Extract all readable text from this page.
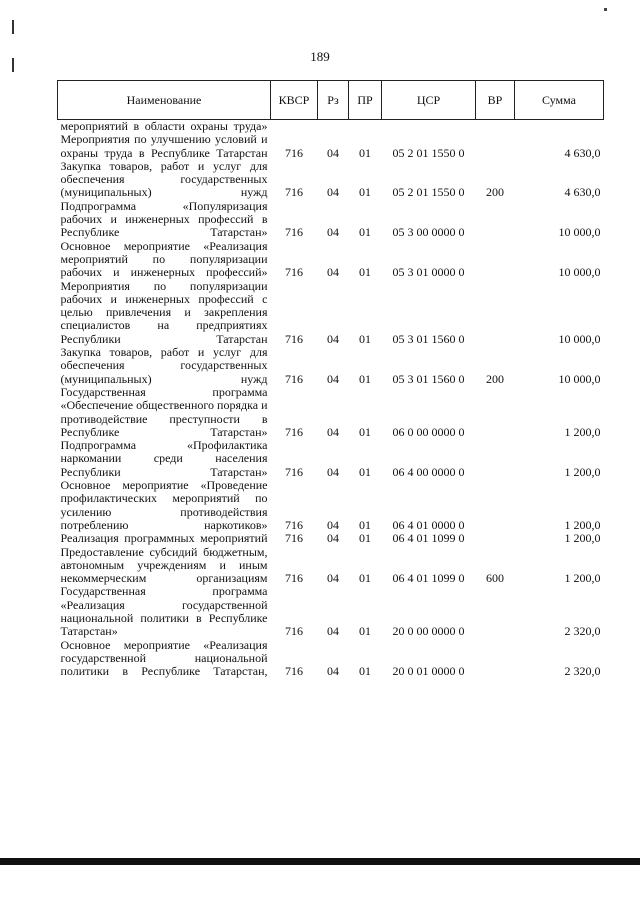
189
Наименование	КВСР	Рз	ПР	ЦСР	ВР	Сумма

мероприятий в области охраны труда»						

Мероприятия по улучшению условий и охраны труда в Республике Татарстан	716	04	01	05 2 01 1550 0		4 630,0

Закупка товаров, работ и услуг для обеспечения государственных (муниципальных) нужд	716	04	01	05 2 01 1550 0	200	4 630,0

Подпрограмма «Популяризация рабочих и инженерных профессий в Республике Татарстан»	716	04	01	05 3 00 0000 0		10 000,0

Основное мероприятие «Реализация мероприятий по популяризации рабочих и инженерных профессий»	716	04	01	05 3 01 0000 0		10 000,0

Мероприятия по популяризации рабочих и инженерных профессий с целью привлечения и закрепления специалистов на предприятиях Республики Татарстан	716	04	01	05 3 01 1560 0		10 000,0

Закупка товаров, работ и услуг для обеспечения государственных (муниципальных) нужд	716	04	01	05 3 01 1560 0	200	10 000,0

Государственная программа «Обеспечение общественного порядка и противодействие преступности в Республике Татарстан»	716	04	01	06 0 00 0000 0		1 200,0

Подпрограмма «Профилактика наркомании среди населения Республики Татарстан»	716	04	01	06 4 00 0000 0		1 200,0

Основное мероприятие «Проведение профилактических мероприятий по усилению противодействия потреблению наркотиков»	716	04	01	06 4 01 0000 0		1 200,0

Реализация программных мероприятий	716	04	01	06 4 01 1099 0		1 200,0

Предоставление субсидий бюджетным, автономным учреждениям и иным некоммерческим организациям	716	04	01	06 4 01 1099 0	600	1 200,0

Государственная программа «Реализация государственной национальной политики в Республике Татарстан»	716	04	01	20 0 00 0000 0		2 320,0

Основное мероприятие «Реализация государственной национальной политики в Республике Татарстан,	716	04	01	20 0 01 0000 0		2 320,0
